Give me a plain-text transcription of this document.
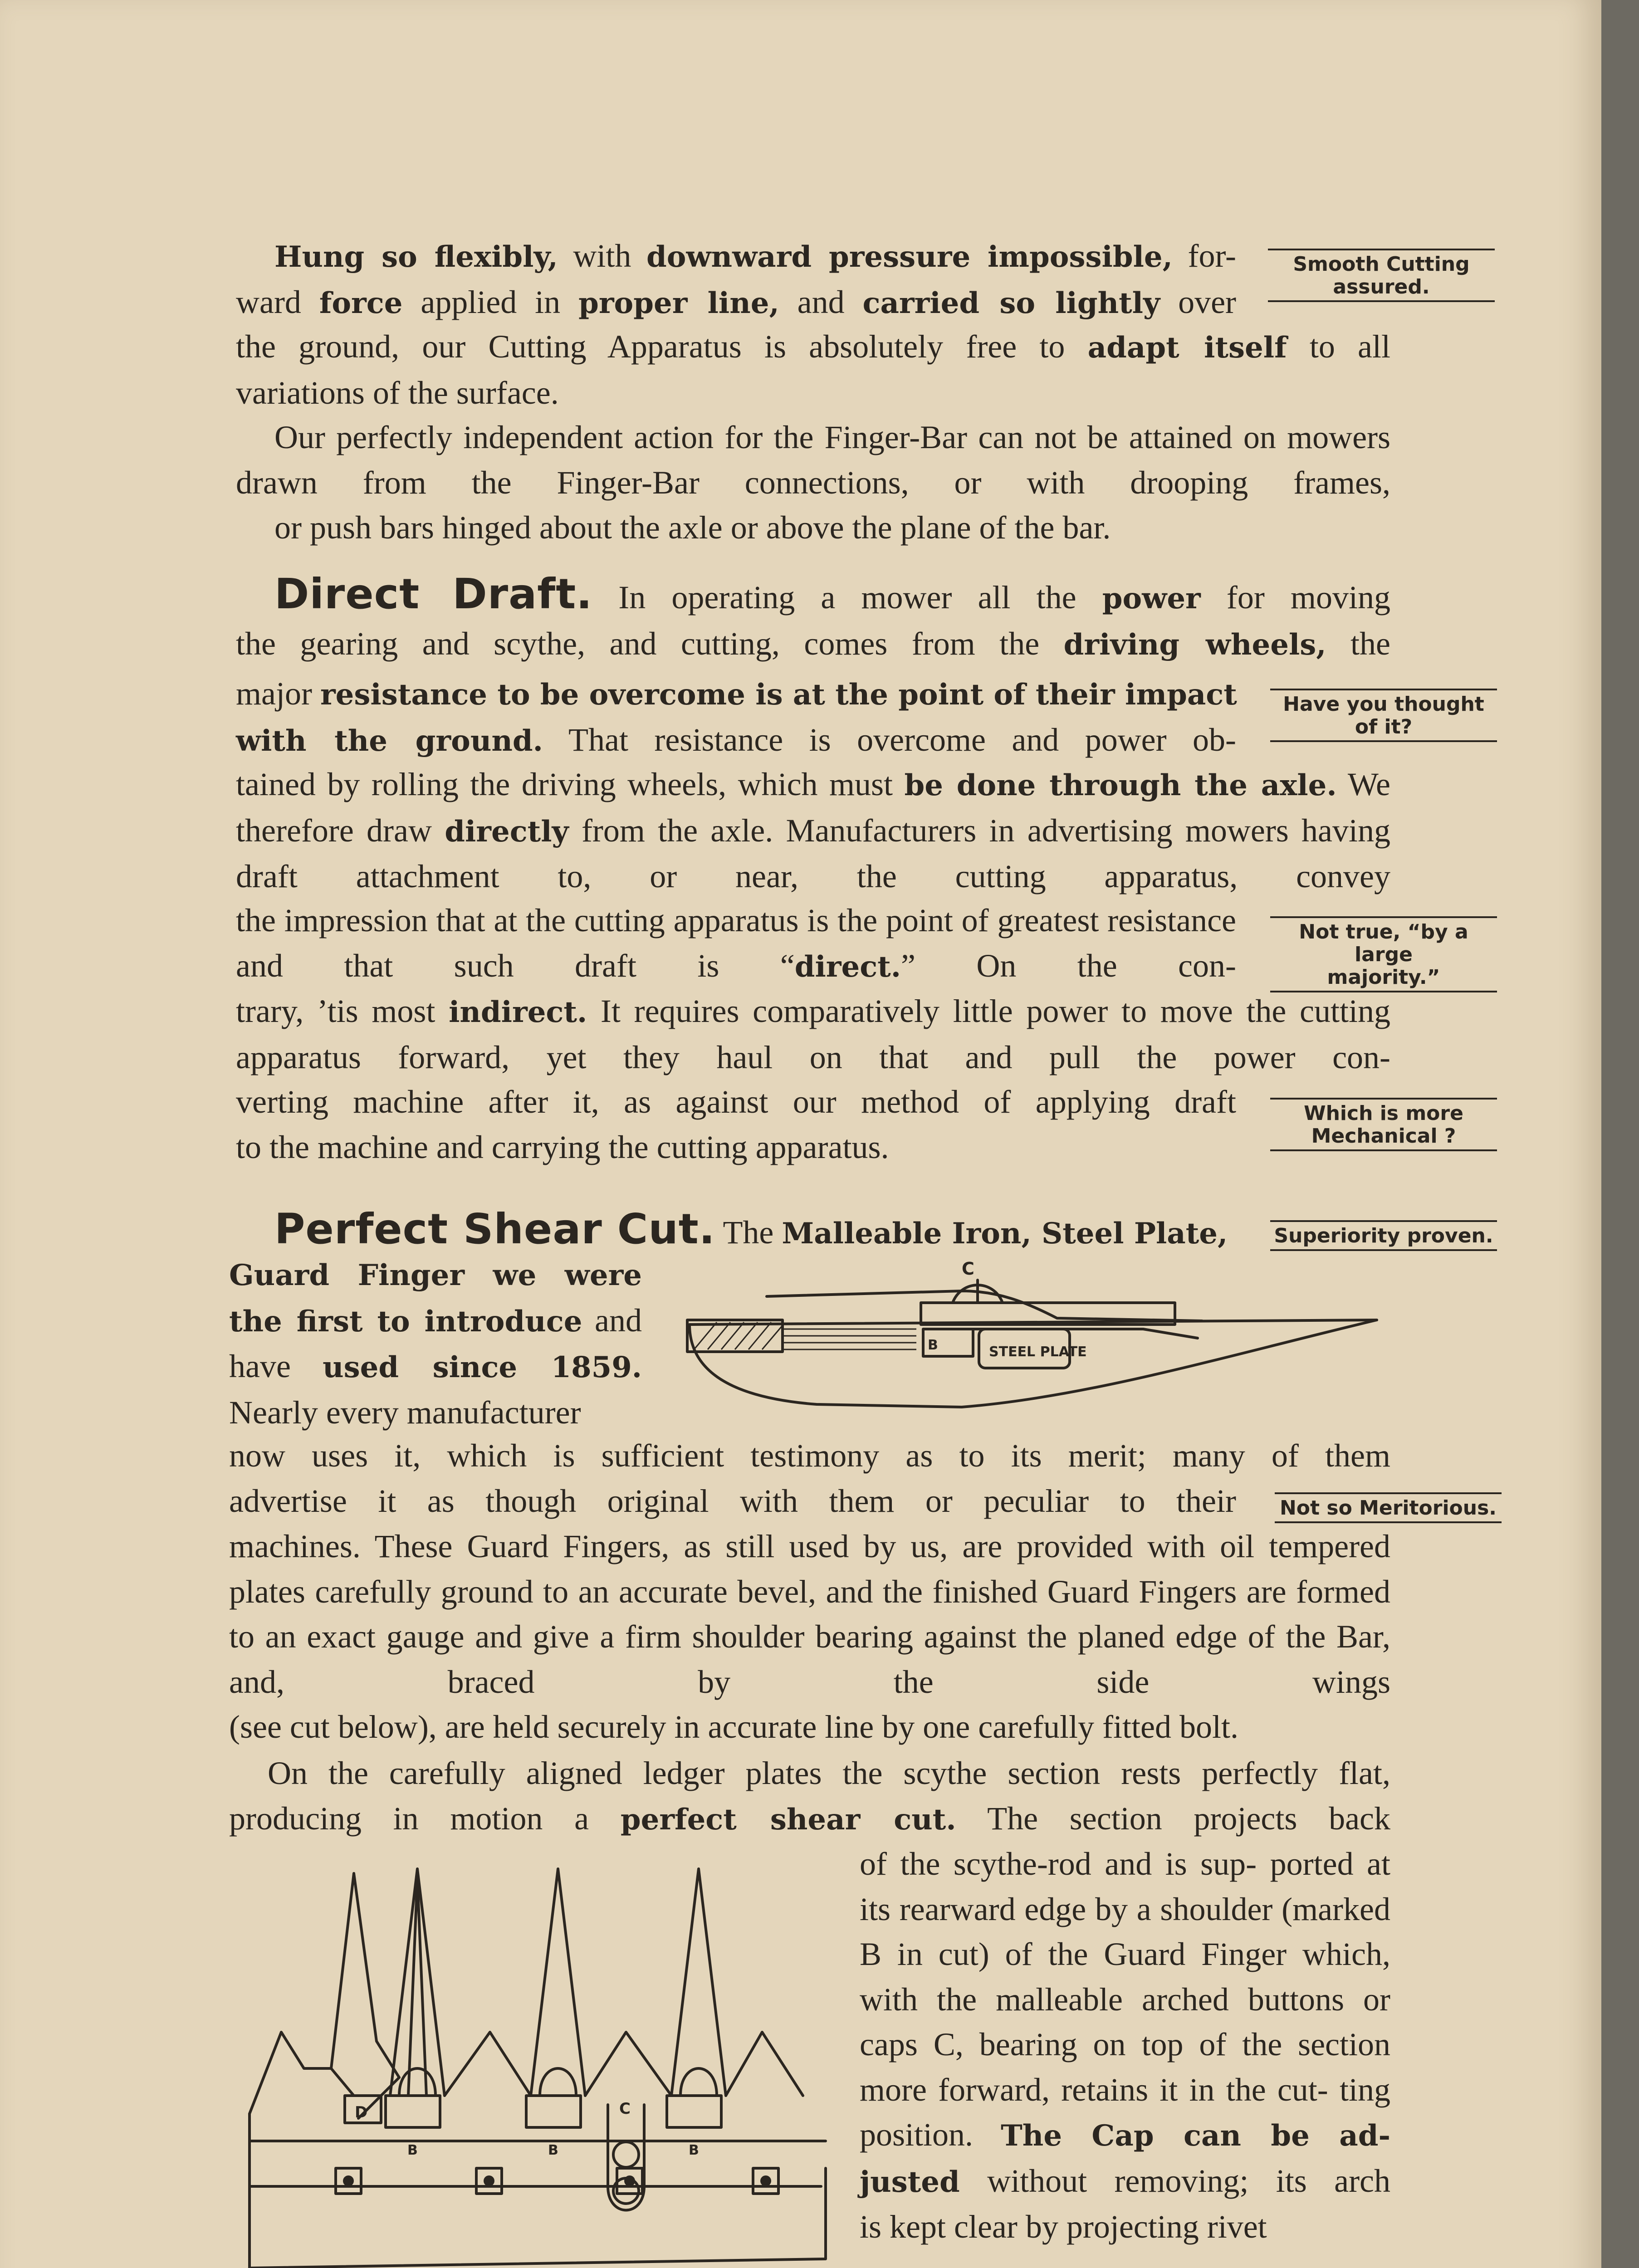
Hung so flexibly, with downward pressure impossible, for- ward force applied in proper line, and carried so lightly over
the ground, our Cutting Apparatus is absolutely free to adapt itself to all
variations of the surface.
Smooth Cutting
assured.
Our perfectly independent action for the Finger-Bar can not be attained on mowers drawn from the Finger-Bar connections, or with drooping frames,
or push bars hinged about the axle or above the plane of the bar.
Direct Draft. In operating a mower all the power for moving
the gearing and scythe, and cutting, comes from the driving wheels, the
major resistance to be overcome is at the point of their impact
with the ground. That resistance is overcome and power ob-
tained by rolling the driving wheels, which must be done through the axle. We therefore draw directly from the axle. Manufacturers in advertising mowers having draft attachment to, or near, the cutting apparatus, convey
the impression that at the cutting apparatus is the point of greatest resistance and that such draft is “direct.” On the con-
trary, ’tis most indirect. It requires comparatively little power to move the cutting apparatus forward, yet they haul on that and pull the power con-
verting machine after it, as against our method of applying draft
to the machine and carrying the cutting apparatus.
Have you thought
of it?
Not true, “by a large
majority.”
Which is more
Mechanical ?
Perfect Shear Cut. The Malleable Iron, Steel Plate,	Superiority proven.
Guard Finger we were the first to introduce and have used since 1859.
Nearly every manufacturer
C
B	STEEL PLATE
now uses it, which is sufficient testimony as to its merit; many of them
advertise it as though original with them or peculiar to their Not so Meritorious.
machines. These Guard Fingers, as still used by us, are provided with oil tempered plates carefully ground to an accurate bevel, and the finished Guard Fingers are formed to an exact gauge and give a firm shoulder bearing against the planed edge of the Bar, and, braced by the side wings
(see cut below), are held securely in accurate line by one carefully fitted bolt.
On the carefully aligned ledger plates the scythe section rests perfectly flat, producing in motion a perfect shear cut. The section projects back
of the scythe-rod and is sup- ported at its rearward edge by a shoulder (marked B in cut) of the Guard Finger which, with the malleable arched buttons or caps C, bearing on top of the section more forward, retains it in the cut- ting position. The Cap can be ad- justed without removing; its arch
is kept clear by projecting rivet
D	C
B	B	B
